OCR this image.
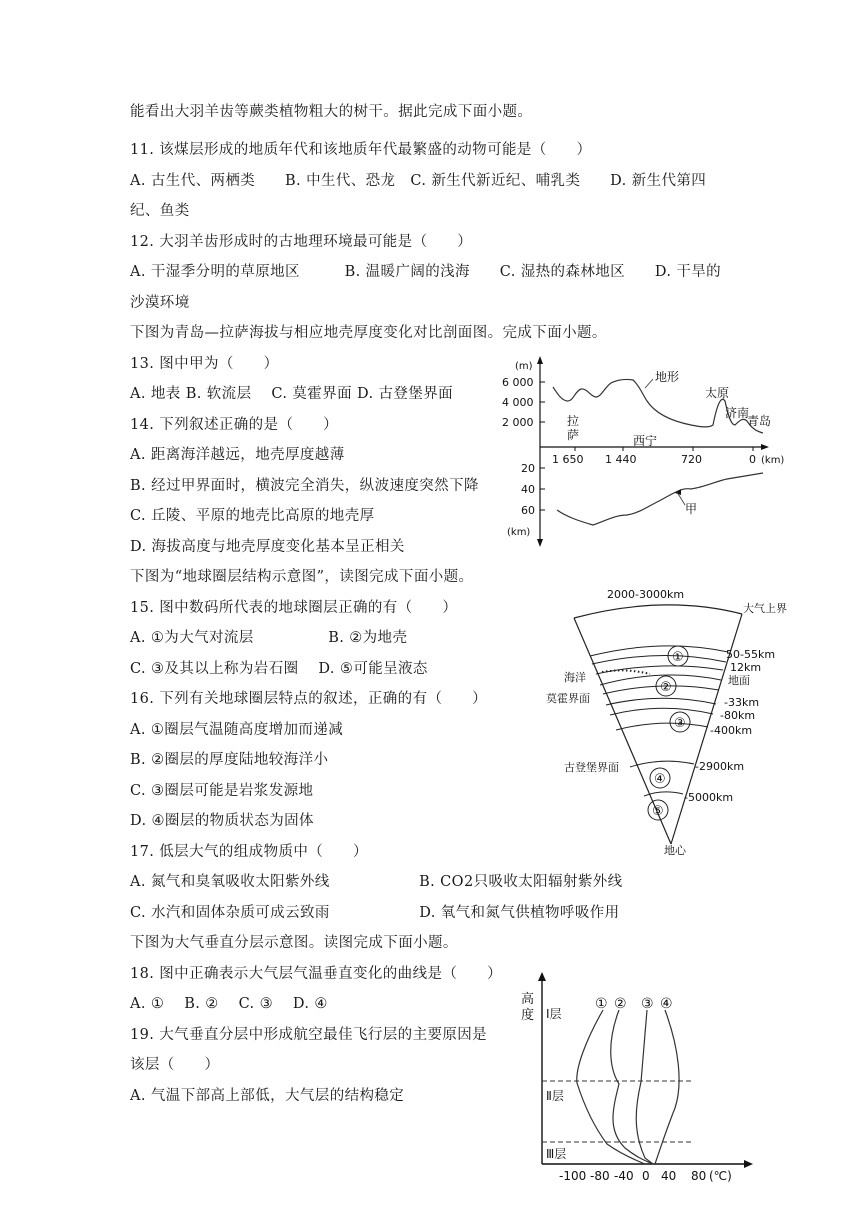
能看出大羽羊齿等蕨类植物粗大的树干。据此完成下面小题。
11. 该煤层形成的地质年代和该地质年代最繁盛的动物可能是（　　）
A. 古生代、两栖类　　B. 中生代、恐龙　C. 新生代新近纪、哺乳类　　D. 新生代第四
纪、鱼类
12. 大羽羊齿形成时的古地理环境最可能是（　　）
A. 干湿季分明的草原地区　　　B. 温暖广阔的浅海　　C. 湿热的森林地区　　D. 干旱的
沙漠环境
下图为青岛—拉萨海拔与相应地壳厚度变化对比剖面图。完成下面小题。
13. 图中甲为（　　）
A. 地表 B. 软流层　 C. 莫霍界面 D. 古登堡界面
14. 下列叙述正确的是（　　）
A. 距离海洋越远，地壳厚度越薄
B. 经过甲界面时，横波完全消失，纵波速度突然下降
C. 丘陵、平原的地壳比高原的地壳厚
D. 海拔高度与地壳厚度变化基本呈正相关
下图为“地球圈层结构示意图”，读图完成下面小题。
15. 图中数码所代表的地球圈层正确的有（　　）
A. ①为大气对流层　　　　　B. ②为地壳
C. ③及其以上称为岩石圈　 D. ⑤可能呈液态
16. 下列有关地球圈层特点的叙述，正确的有（　　）
A. ①圈层气温随高度增加而递减
B. ②圈层的厚度陆地较海洋小
C. ③圈层可能是岩浆发源地
D. ④圈层的物质状态为固体
17. 低层大气的组成物质中（　　）
A. 氮气和臭氧吸收太阳紫外线　　　　　　B. CO2只吸收太阳辐射紫外线
C. 水汽和固体杂质可成云致雨　　　　　　D. 氧气和氮气供植物呼吸作用
下图为大气垂直分层示意图。读图完成下面小题。
18. 图中正确表示大气层气温垂直变化的曲线是（　　）
A. ①　 B. ②　 C. ③　 D. ④
19. 大气垂直分层中形成航空最佳飞行层的主要原因是
该层（　　）
A. 气温下部高上部低，大气层的结构稳定
(m)
6 000
4 000
2 000
地形
拉萨	西宁
太原
济南
青岛
1 650 1 440	720	0 (km)
20
40
60
(km)
甲
2000-3000km
大气上界
①
②
③
④
⑤
50-55km
12km
地面
-33km
-80km
-400km
-2900km
-5000km
海洋
莫霍界面
古登堡界面
地心
高度 Ⅰ层
Ⅱ层
Ⅲ层
① ② ③ ④
-100 -80 -40 0 40 80 (℃)
